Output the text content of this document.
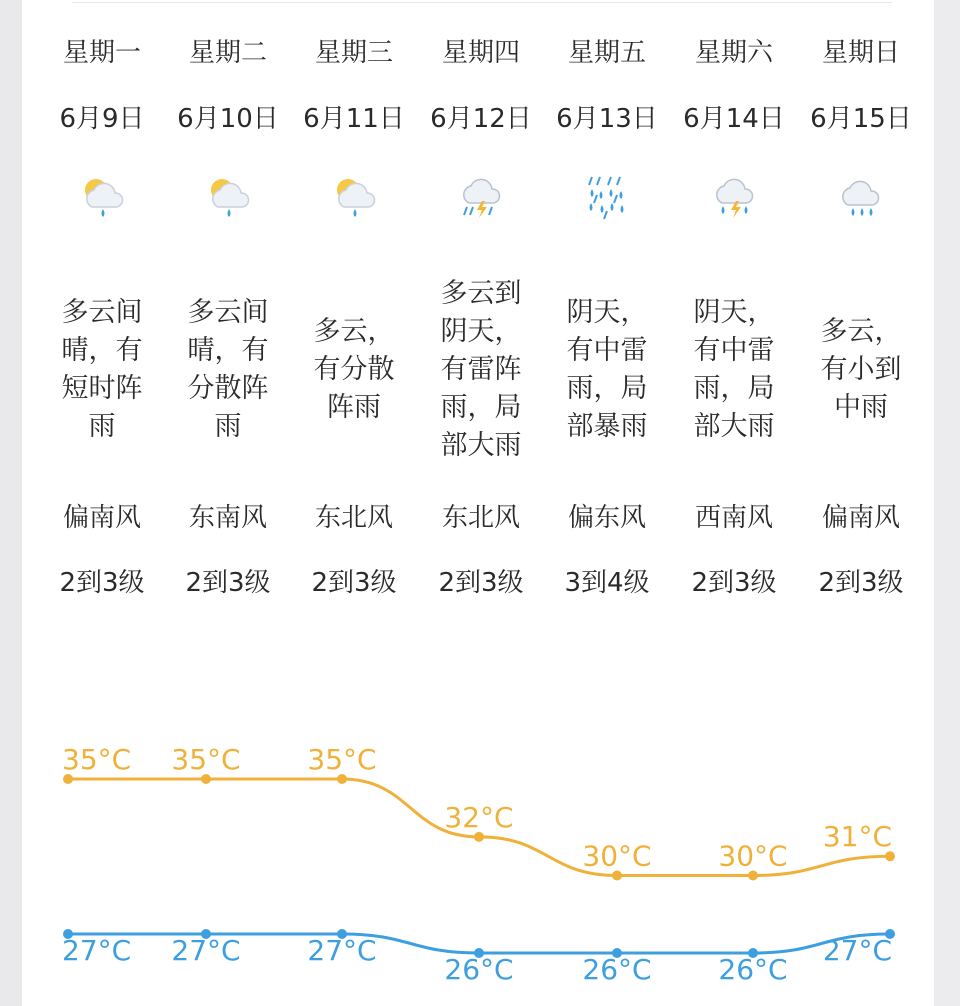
星期一
6月9日
多云间晴，有短时阵雨
偏南风
2到3级
星期二
6月10日
多云间晴，有分散阵雨
东南风
2到3级
星期三
6月11日
多云，有分散阵雨
东北风
2到3级
星期四
6月12日
多云到阴天，有雷阵雨，局部大雨
东北风
2到3级
星期五
6月13日
阴天，有中雷雨，局部暴雨
偏东风
3到4级
星期六
6月14日
阴天，有中雷雨，局部大雨
西南风
2到3级
星期日
6月15日
多云，有小到中雨
偏南风
2到3级
35°C 35°C 35°C
32°C
30°C 30°C
31°C
27°C 27°C 27°C
26°C 26°C 26°C
27°C
